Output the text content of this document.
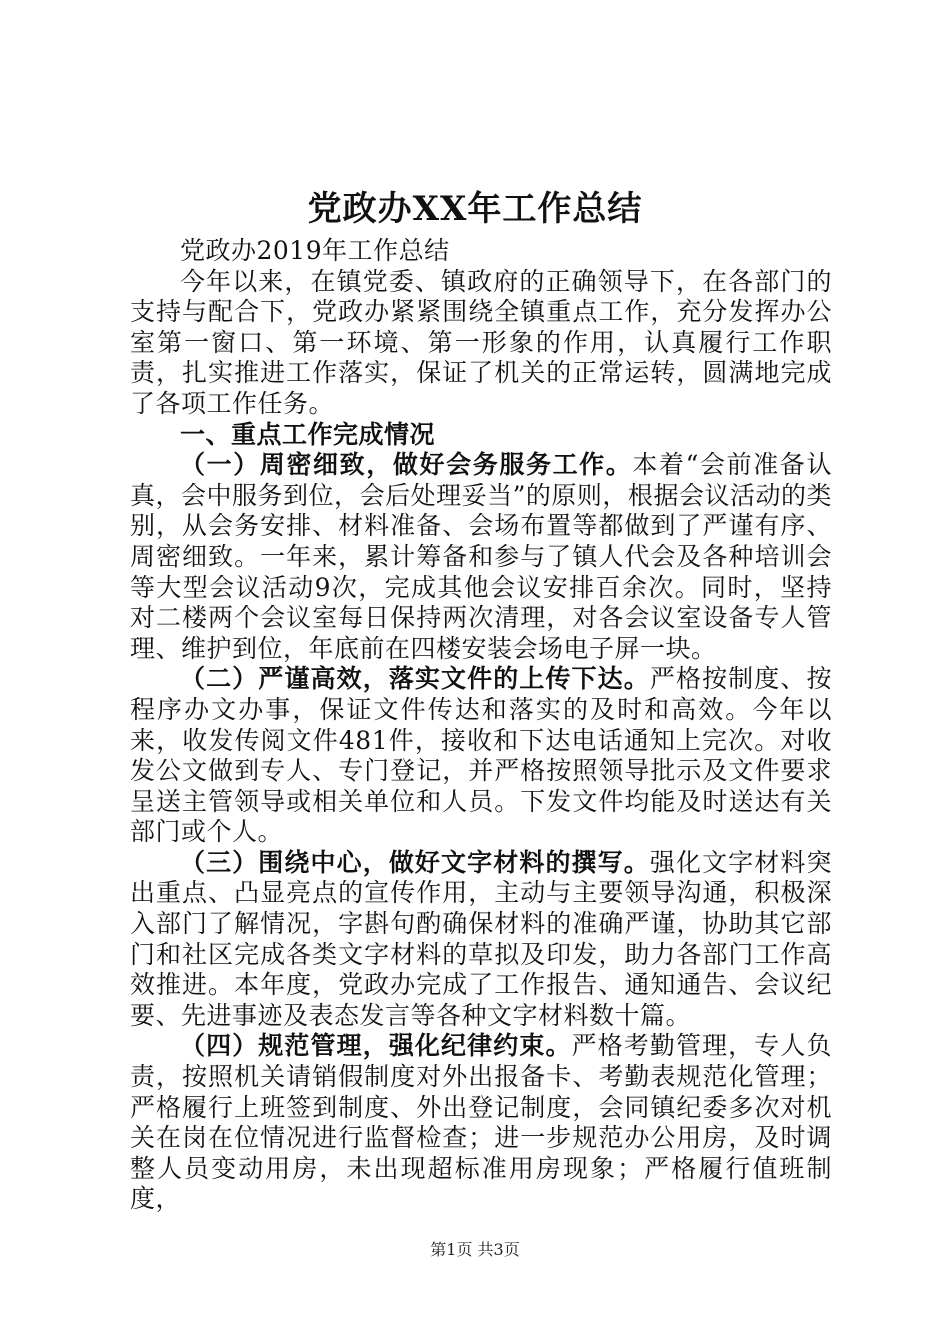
党政办XX年工作总结

党政办2019年工作总结

今年以来，在镇党委、镇政府的正确领导下，在各部门的支持与配合下，党政办紧紧围绕全镇重点工作，充分发挥办公室第一窗口、第一环境、第一形象的作用，认真履行工作职责，扎实推进工作落实，保证了机关的正常运转，圆满地完成了各项工作任务。

一、重点工作完成情况

（一）周密细致，做好会务服务工作。本着“会前准备认真，会中服务到位，会后处理妥当”的原则，根据会议活动的类别，从会务安排、材料准备、会场布置等都做到了严谨有序、周密细致。一年来，累计筹备和参与了镇人代会及各种培训会等大型会议活动9次，完成其他会议安排百余次。同时，坚持对二楼两个会议室每日保持两次清理，对各会议室设备专人管理、维护到位，年底前在四楼安装会场电子屏一块。

（二）严谨高效，落实文件的上传下达。严格按制度、按程序办文办事，保证文件传达和落实的及时和高效。今年以来，收发传阅文件481件，接收和下达电话通知上完次。对收发公文做到专人、专门登记，并严格按照领导批示及文件要求呈送主管领导或相关单位和人员。下发文件均能及时送达有关部门或个人。

（三）围绕中心，做好文字材料的撰写。强化文字材料突出重点、凸显亮点的宣传作用，主动与主要领导沟通，积极深入部门了解情况，字斟句酌确保材料的准确严谨，协助其它部门和社区完成各类文字材料的草拟及印发，助力各部门工作高效推进。本年度，党政办完成了工作报告、通知通告、会议纪要、先进事迹及表态发言等各种文字材料数十篇。

（四）规范管理，强化纪律约束。严格考勤管理，专人负责，按照机关请销假制度对外出报备卡、考勤表规范化管理；严格履行上班签到制度、外出登记制度，会同镇纪委多次对机关在岗在位情况进行监督检查；进一步规范办公用房，及时调整人员变动用房，未出现超标准用房现象；严格履行值班制度，

第1页 共3页
